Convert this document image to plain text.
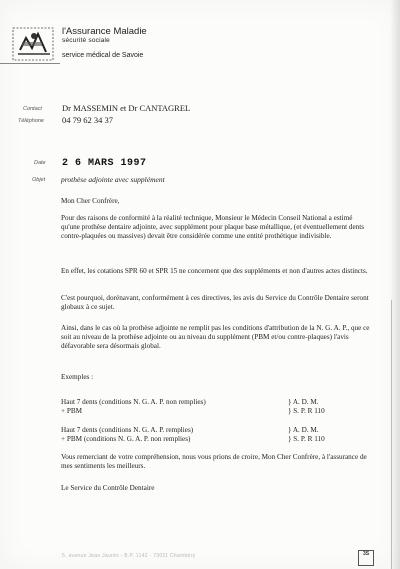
l'Assurance Maladie
sécurité sociale
service médical de Savoie
Contact Dr MASSEMIN et Dr CANTAGREL
Téléphone 04 79 62 34 37
Date 2 6 MARS 1997
Objet prothèse adjointe avec supplément
Mon Cher Confrère,
Pour des raisons de conformité à la réalité technique, Monsieur le Médecin Conseil National a estimé qu'une prothèse dentaire adjointe, avec supplément pour plaque base métallique, (et éventuellement dents contre-plaquées ou massives) devait être considérée comme une entité prothétique indivisible.
En effet, les cotations SPR 60 et SPR 15 ne concernent que des suppléments et non d'autres actes distincts.
C'est pourquoi, dorénavant, conformément à ces directives, les avis du Service du Contrôle Dentaire seront globaux à ce sujet.
Ainsi, dans le cas où la prothèse adjointe ne remplit pas les conditions d'attribution de la N. G. A. P., que ce soit au niveau de la prothèse adjointe ou au niveau du supplément (PBM et/ou contre-plaques) l'avis défavorable sera désormais global.
Exemples :
Haut 7 dents (conditions N. G. A. P. non remplies)	} A. D. M.
+ PBM	} S. P. R 110
Haut 7 dents (conditions N. G. A. P. remplies)	} A. D. M.
+ PBM (conditions N. G. A. P. non remplies)	} S. P. R 110
Vous remerciant de votre compréhension, nous vous prions de croire, Mon Cher Confrère, à l'assurance de mes sentiments les meilleurs.
Le Service du Contrôle Dentaire
5, avenue Jean Jaurès - B.P. 1142 - 73011 Chambéry	3S
